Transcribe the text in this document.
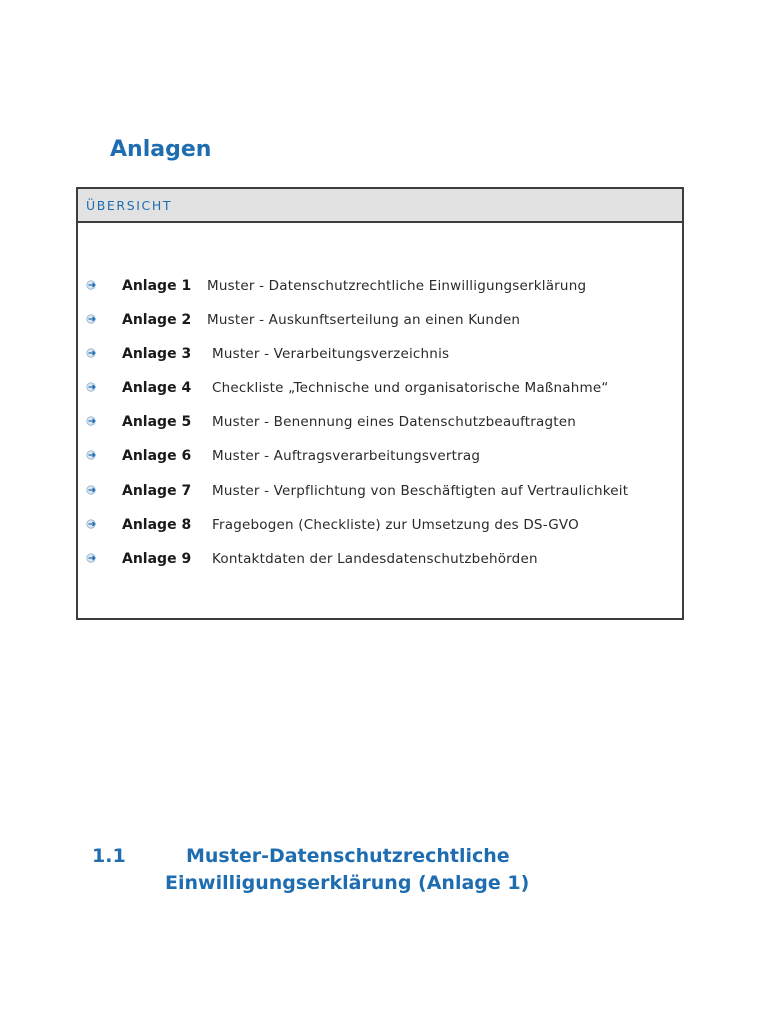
Anlagen
ÜBERSICHT
Anlage 1 Muster - Datenschutzrechtliche Einwilligungserklärung
Anlage 2 Muster - Auskunftserteilung an einen Kunden
Anlage 3 Muster - Verarbeitungsverzeichnis
Anlage 4 Checkliste „Technische und organisatorische Maßnahme“
Anlage 5 Muster - Benennung eines Datenschutzbeauftragten
Anlage 6 Muster - Auftragsverarbeitungsvertrag
Anlage 7 Muster - Verpflichtung von Beschäftigten auf Vertraulichkeit
Anlage 8 Fragebogen (Checkliste) zur Umsetzung des DS-GVO
Anlage 9 Kontaktdaten der Landesdatenschutzbehörden
1.1	Muster-Datenschutzrechtliche
Einwilligungserklärung (Anlage 1)
